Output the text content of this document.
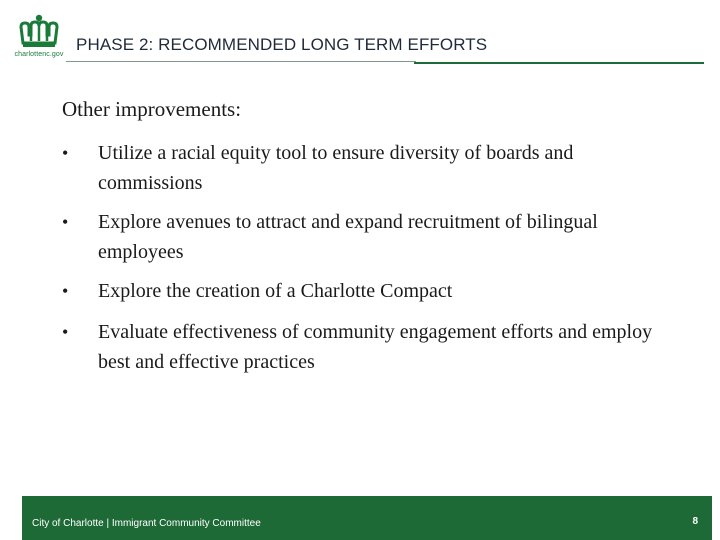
charlottenc.gov
PHASE 2: RECOMMENDED LONG TERM EFFORTS

Other improvements:

•	Utilize a racial equity tool to ensure diversity of boards and commissions
•	Explore avenues to attract and expand recruitment of bilingual employees
•	Explore the creation of a Charlotte Compact
•	Evaluate effectiveness of community engagement efforts and employ best and effective practices
City of Charlotte | Immigrant Community Committee	8
